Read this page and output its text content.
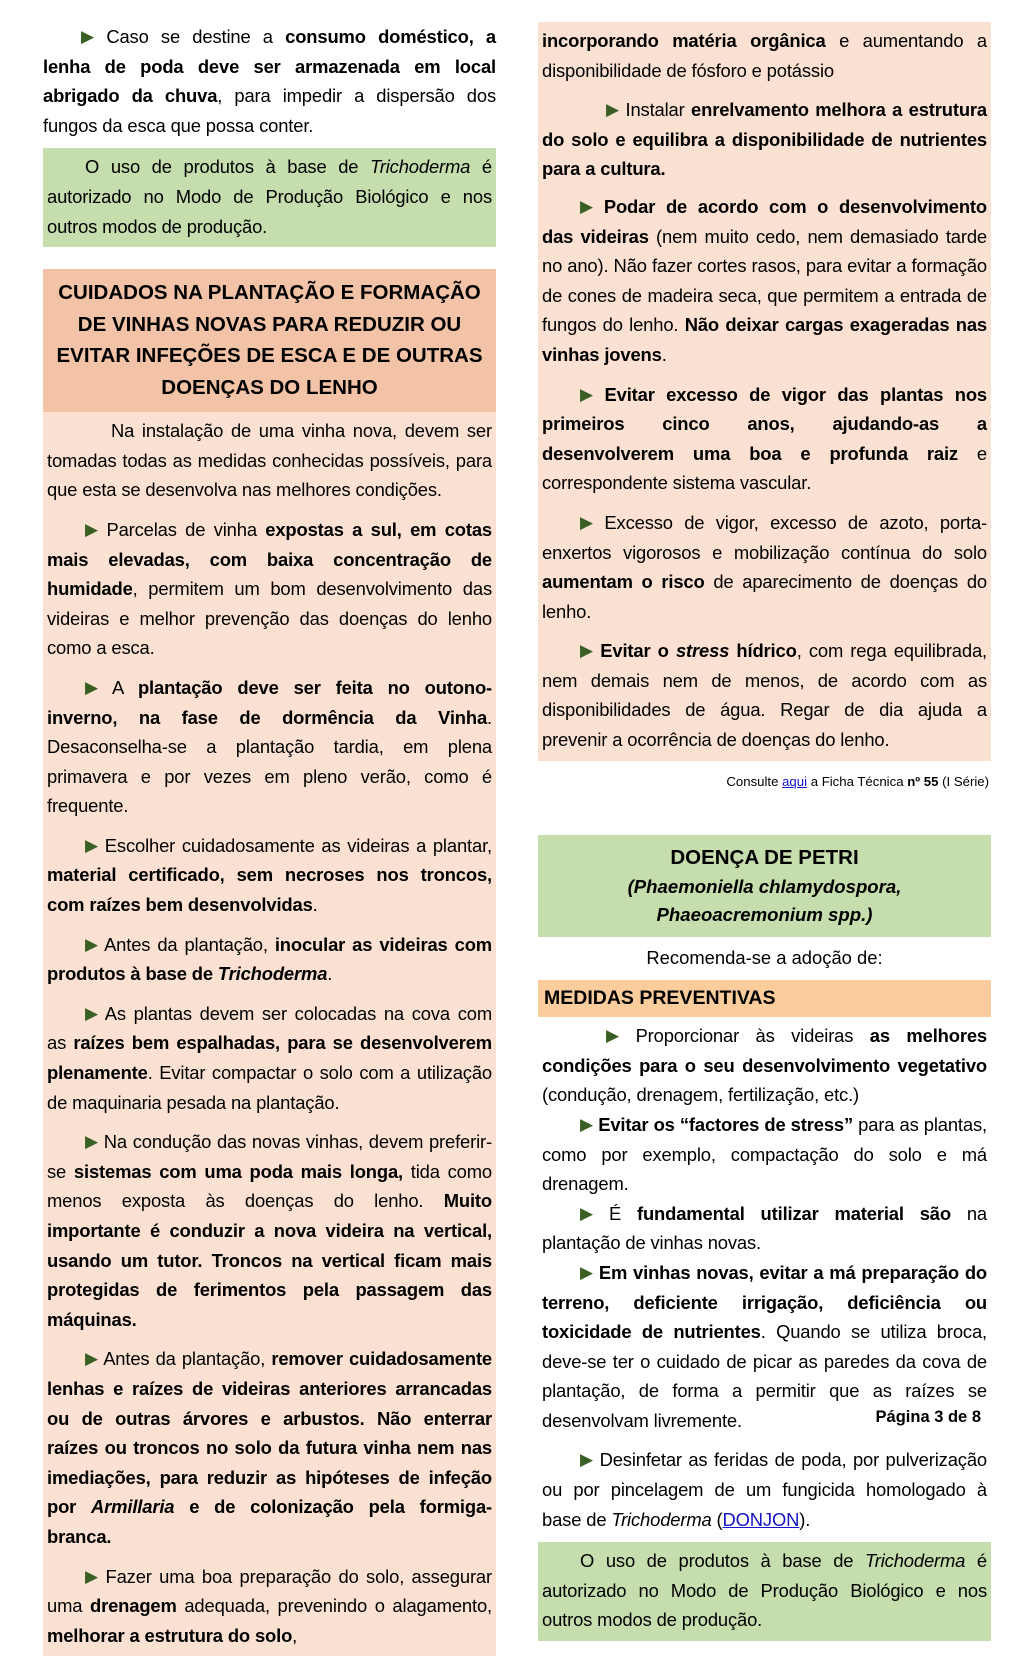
▶ Caso se destine a consumo doméstico, a lenha de poda deve ser armazenada em local abrigado da chuva, para impedir a dispersão dos fungos da esca que possa conter.
O uso de produtos à base de Trichoderma é autorizado no Modo de Produção Biológico e nos outros modos de produção.
CUIDADOS NA PLANTAÇÃO E FORMAÇÃO DE VINHAS NOVAS PARA REDUZIR OU EVITAR INFEÇÕES DE ESCA E DE OUTRAS DOENÇAS DO LENHO
Na instalação de uma vinha nova, devem ser tomadas todas as medidas conhecidas possíveis, para que esta se desenvolva nas melhores condições.
▶ Parcelas de vinha expostas a sul, em cotas mais elevadas, com baixa concentração de humidade, permitem um bom desenvolvimento das videiras e melhor prevenção das doenças do lenho como a esca.
▶ A plantação deve ser feita no outono-inverno, na fase de dormência da Vinha. Desaconselha-se a plantação tardia, em plena primavera e por vezes em pleno verão, como é frequente.
▶ Escolher cuidadosamente as videiras a plantar, material certificado, sem necroses nos troncos, com raízes bem desenvolvidas.
▶ Antes da plantação, inocular as videiras com produtos à base de Trichoderma.
▶ As plantas devem ser colocadas na cova com as raízes bem espalhadas, para se desenvolverem plenamente. Evitar compactar o solo com a utilização de maquinaria pesada na plantação.
▶ Na condução das novas vinhas, devem preferir-se sistemas com uma poda mais longa, tida como menos exposta às doenças do lenho. Muito importante é conduzir a nova videira na vertical, usando um tutor. Troncos na vertical ficam mais protegidas de ferimentos pela passagem das máquinas.
▶ Antes da plantação, remover cuidadosamente lenhas e raízes de videiras anteriores arrancadas ou de outras árvores e arbustos. Não enterrar raízes ou troncos no solo da futura vinha nem nas imediações, para reduzir as hipóteses de infeção por Armillaria e de colonização pela formiga-branca.
▶ Fazer uma boa preparação do solo, assegurar uma drenagem adequada, prevenindo o alagamento, melhorar a estrutura do solo,
incorporando matéria orgânica e aumentando a disponibilidade de fósforo e potássio
▶ Instalar enrelvamento melhora a estrutura do solo e equilibra a disponibilidade de nutrientes para a cultura.
▶ Podar de acordo com o desenvolvimento das videiras (nem muito cedo, nem demasiado tarde no ano). Não fazer cortes rasos, para evitar a formação de cones de madeira seca, que permitem a entrada de fungos do lenho. Não deixar cargas exageradas nas vinhas jovens.
▶ Evitar excesso de vigor das plantas nos primeiros cinco anos, ajudando-as a desenvolverem uma boa e profunda raiz e correspondente sistema vascular.
▶ Excesso de vigor, excesso de azoto, porta-enxertos vigorosos e mobilização contínua do solo aumentam o risco de aparecimento de doenças do lenho.
▶ Evitar o stress hídrico, com rega equilibrada, nem demais nem de menos, de acordo com as disponibilidades de água. Regar de dia ajuda a prevenir a ocorrência de doenças do lenho.
Consulte aqui a Ficha Técnica nº 55 (I Série)
DOENÇA DE PETRI
(Phaemoniella chlamydospora, Phaeoacremonium spp.)
Recomenda-se a adoção de:
MEDIDAS PREVENTIVAS
▶ Proporcionar às videiras as melhores condições para o seu desenvolvimento vegetativo (condução, drenagem, fertilização, etc.)
▶ Evitar os “factores de stress” para as plantas, como por exemplo, compactação do solo e má drenagem.
▶ É fundamental utilizar material são na plantação de vinhas novas.
▶ Em vinhas novas, evitar a má preparação do terreno, deficiente irrigação, deficiência ou toxicidade de nutrientes. Quando se utiliza broca, deve-se ter o cuidado de picar as paredes da cova de plantação, de forma a permitir que as raízes se desenvolvam livremente.
▶ Desinfetar as feridas de poda, por pulverização ou por pincelagem de um fungicida homologado à base de Trichoderma (DONJON).
O uso de produtos à base de Trichoderma é autorizado no Modo de Produção Biológico e nos outros modos de produção.
Página 3 de 8
